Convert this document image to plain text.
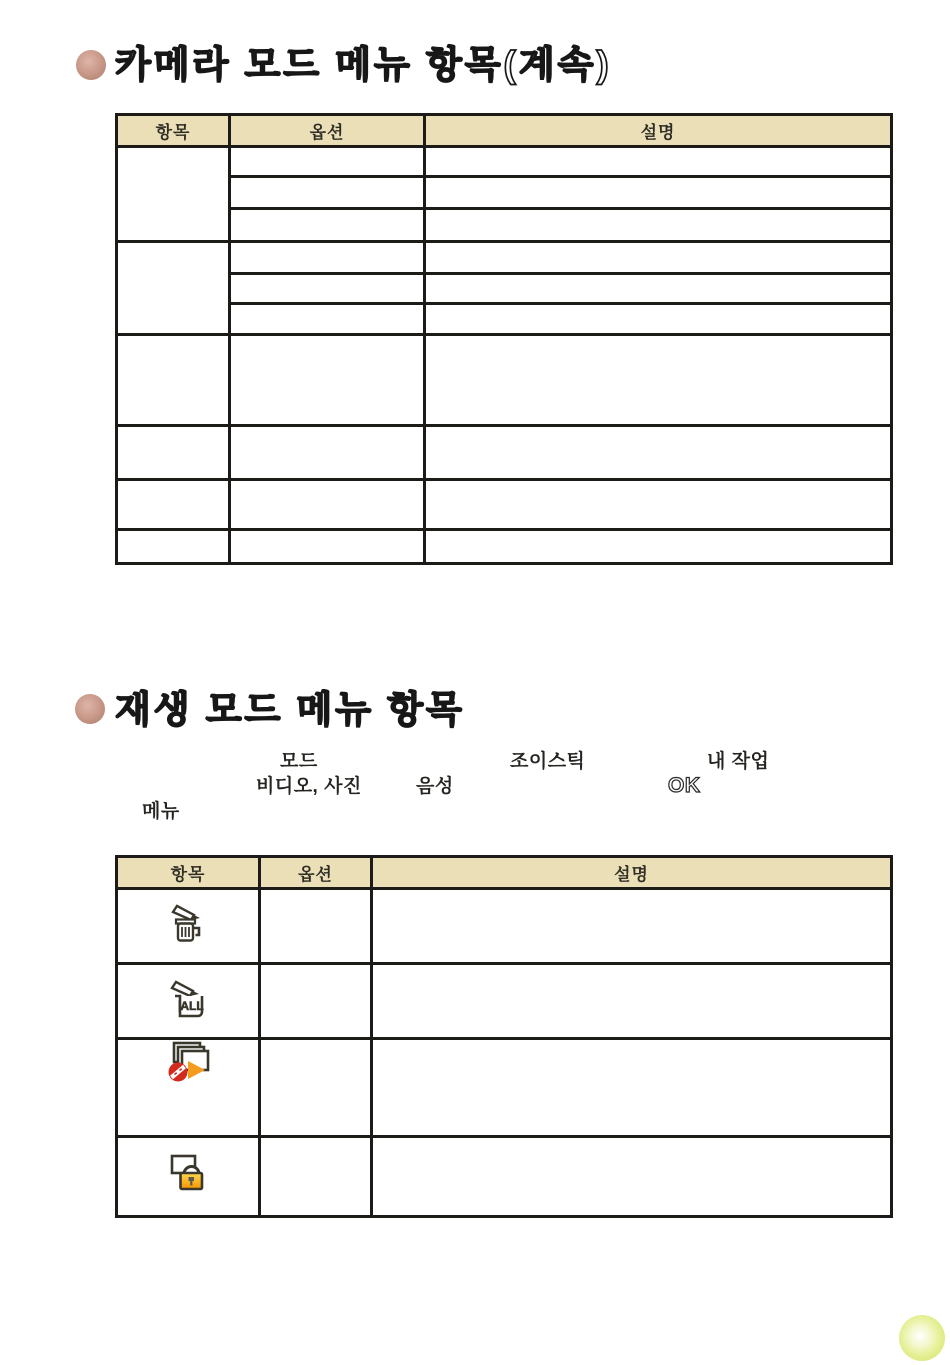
카메라 모드 메뉴 항목(계속)
항목	옵션	설명

재생 모드 메뉴 항목
모드	조이스틱	내 작업
비디오, 사진	음성	OK
메뉴
항목	옵션	설명

ALL		
